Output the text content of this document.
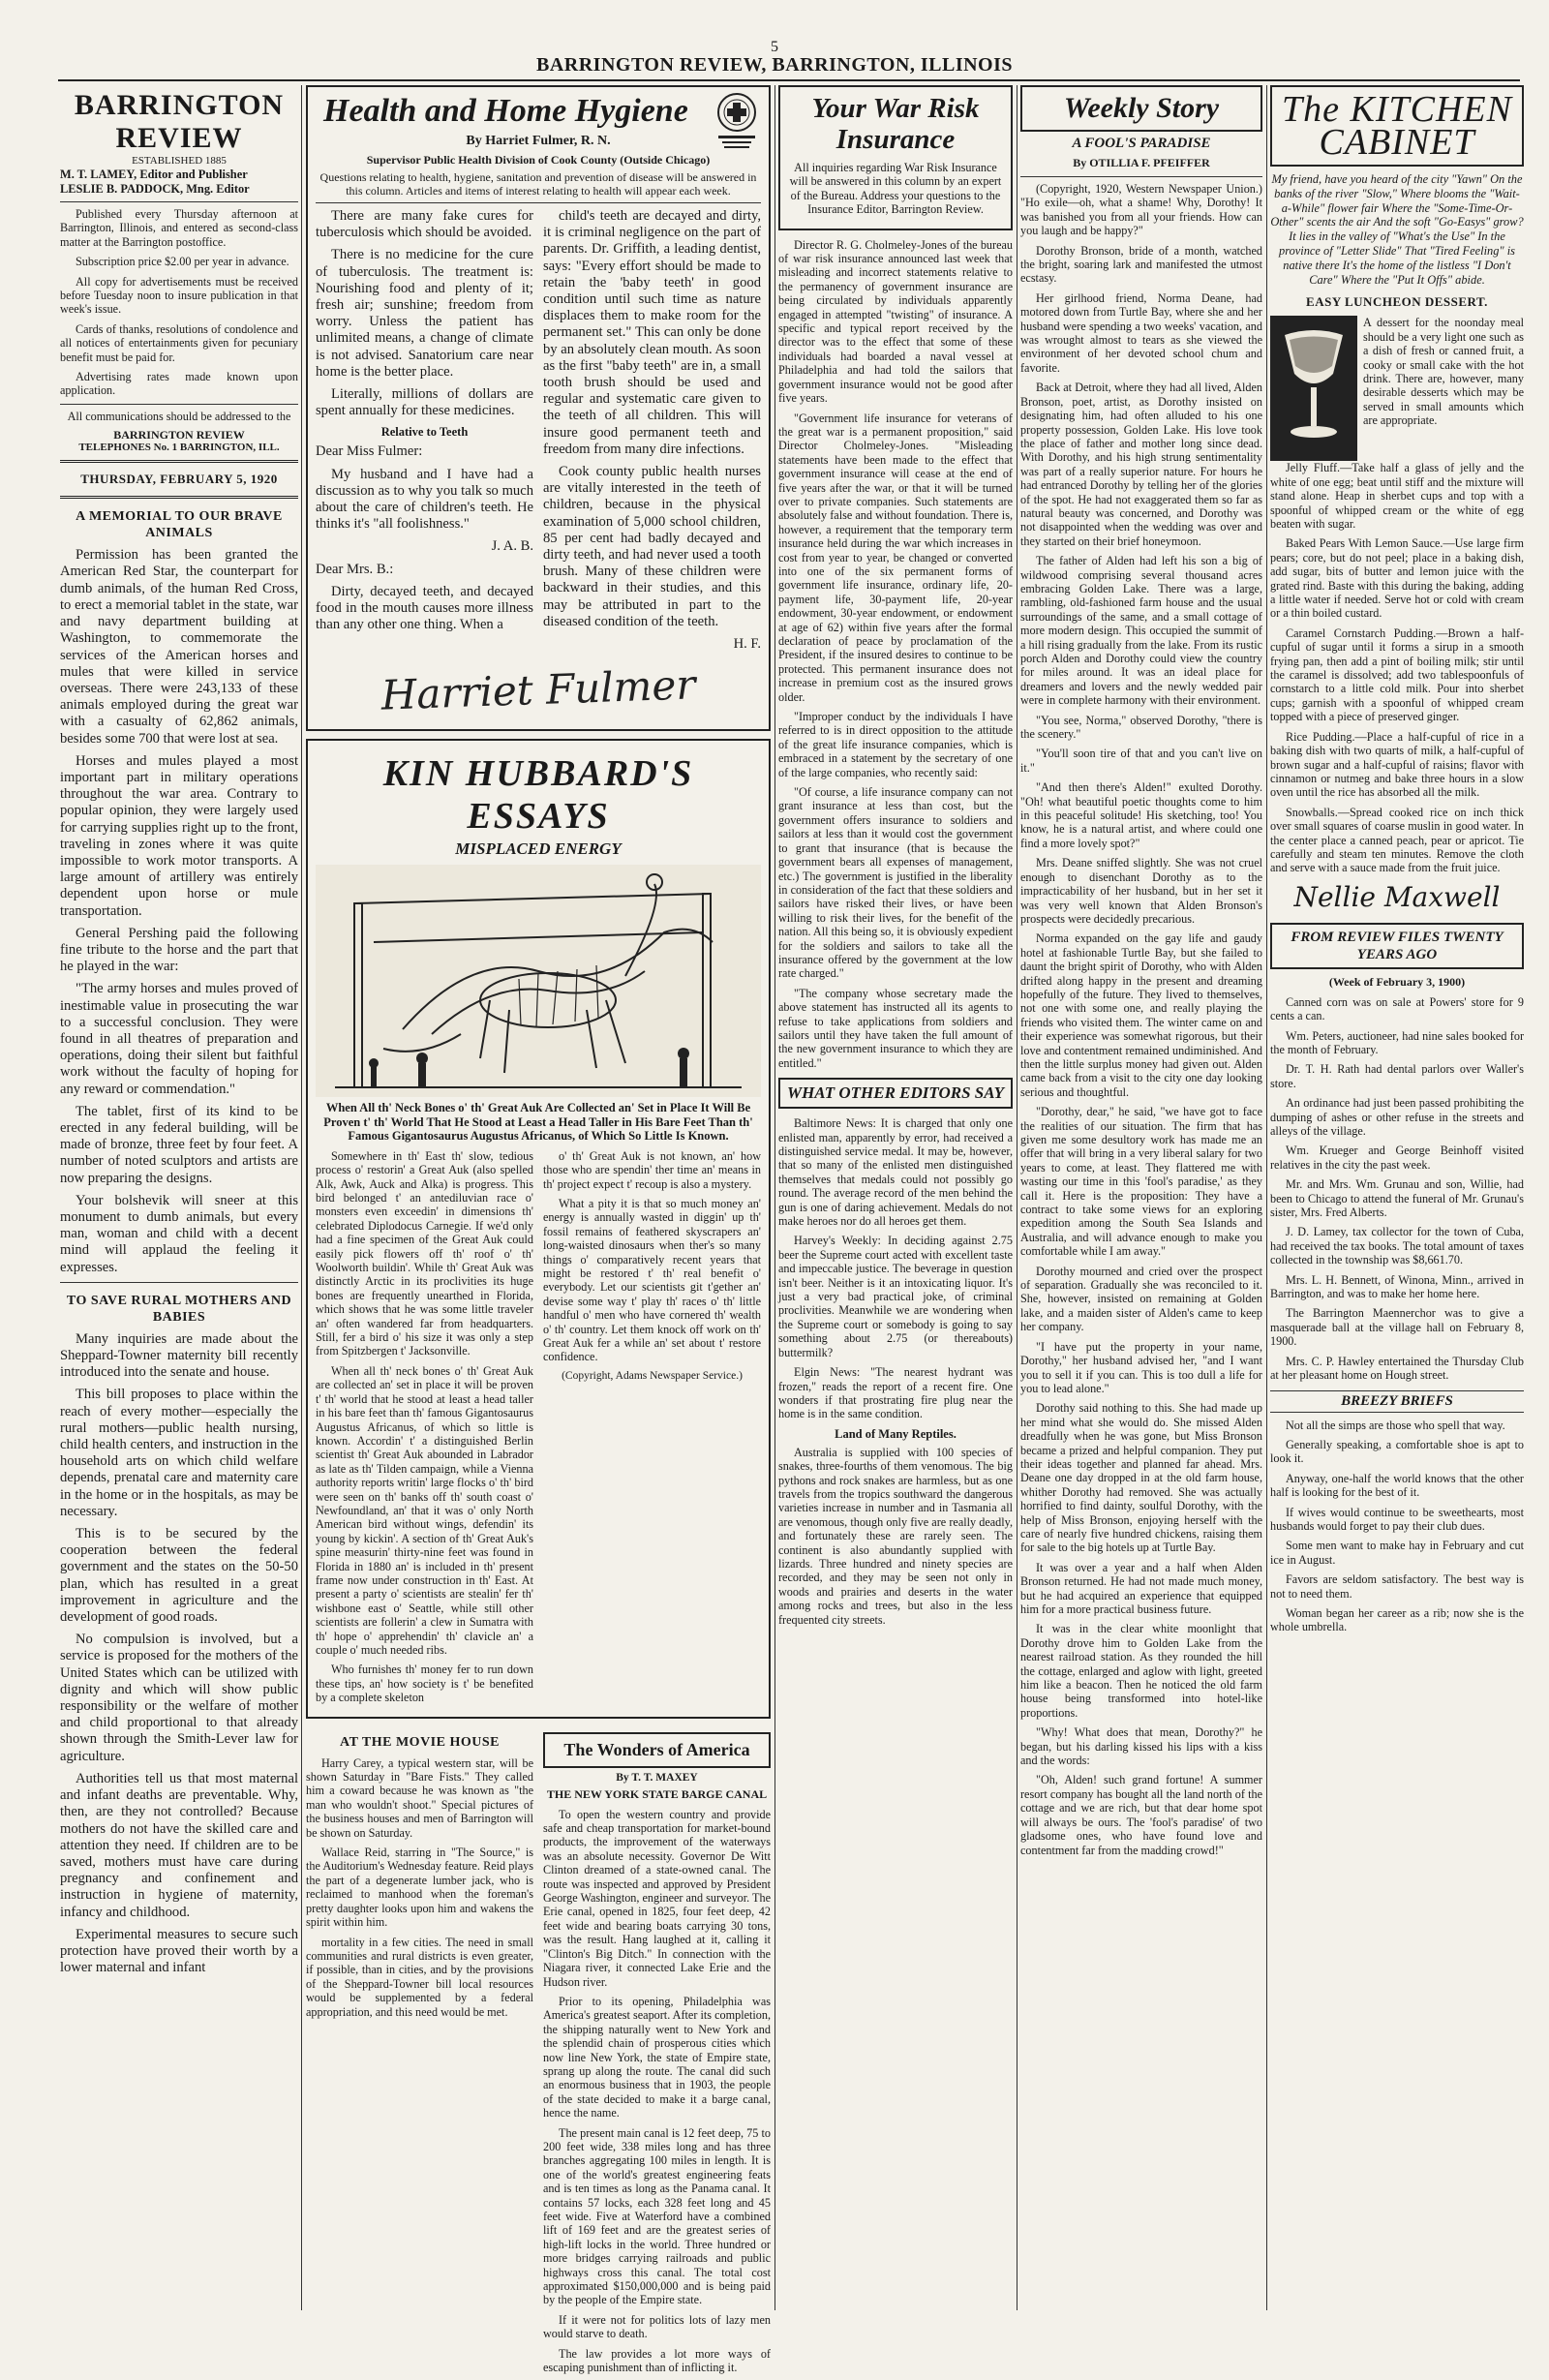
5
BARRINGTON REVIEW, BARRINGTON, ILLINOIS
BARRINGTON REVIEW
ESTABLISHED 1885
M. T. LAMEY, Editor and Publisher
LESLIE B. PADDOCK, Mng. Editor

Published every Thursday afternoon at Barrington, Illinois, and entered as second-class matter at the Barrington postoffice.

Subscription price $2.00 per year in advance.

All copy for advertisements must be received before Tuesday noon to insure publication in that week's issue.

Cards of thanks, resolutions of condolence and all notices of entertainments given for pecuniary benefit must be paid for.

Advertising rates made known upon application.

All communications should be addressed to the

BARRINGTON REVIEW
TELEPHONES No. 1 BARRINGTON, ILL.
THURSDAY, FEBRUARY 5, 1920
A MEMORIAL TO OUR BRAVE ANIMALS

Permission has been granted the American Red Star, the counterpart for dumb animals, of the human Red Cross, to erect a memorial tablet in the state, war and navy department building at Washington, to commemorate the services of the American horses and mules that were killed in service overseas. There were 243,133 of these animals employed during the great war with a casualty of 62,862 animals, besides some 700 that were lost at sea.

Horses and mules played a most important part in military operations throughout the war area. Contrary to popular opinion, they were largely used for carrying supplies right up to the front, traveling in zones where it was quite impossible to work motor transports. A large amount of artillery was entirely dependent upon horse or mule transportation.

General Pershing paid the following fine tribute to the horse and the part that he played in the war:

"The army horses and mules proved of inestimable value in prosecuting the war to a successful conclusion. They were found in all theatres of preparation and operations, doing their silent but faithful work without the faculty of hoping for any reward or commendation."

The tablet, first of its kind to be erected in any federal building, will be made of bronze, three feet by four feet. A number of noted sculptors and artists are now preparing the designs.

Your bolshevik will sneer at this monument to dumb animals, but every man, woman and child with a decent mind will applaud the feeling it expresses.

TO SAVE RURAL MOTHERS AND BABIES

Many inquiries are made about the Sheppard-Towner maternity bill recently introduced into the senate and house.

This bill proposes to place within the reach of every mother—especially the rural mothers—public health nursing, child health centers, and instruction in the household arts on which child welfare depends, prenatal care and maternity care in the home or in the hospitals, as may be necessary.

This is to be secured by the cooperation between the federal government and the states on the 50-50 plan, which has resulted in a great improvement in agriculture and the development of good roads.

No compulsion is involved, but a service is proposed for the mothers of the United States which can be utilized with dignity and which will show public responsibility or the welfare of mother and child proportional to that already shown through the Smith-Lever law for agriculture.

Authorities tell us that most maternal and infant deaths are preventable. Why, then, are they not controlled? Because mothers do not have the skilled care and attention they need. If children are to be saved, mothers must have care during pregnancy and confinement and instruction in hygiene of maternity, infancy and childhood.

Experimental measures to secure such protection have proved their worth by a lower maternal and infant

Health and Home Hygiene
By Harriet Fulmer, R. N.
Supervisor Public Health Division of Cook County (Outside Chicago)
Questions relating to health, hygiene, sanitation and prevention of disease will be answered in this column. Articles and items of interest relating to health will appear each week.

There are many fake cures for tuberculosis which should be avoided.

There is no medicine for the cure of tuberculosis. The treatment is: Nourishing food and plenty of it; fresh air; sunshine; freedom from worry. Unless the patient has unlimited means, a change of climate is not advised. Sanatorium care near home is the better place.

Literally, millions of dollars are spent annually for these medicines.

Relative to Teeth

Dear Miss Fulmer:

My husband and I have had a discussion as to why you talk so much about the care of children's teeth. He thinks it's "all foolishness."

J. A. B.

Dear Mrs. B.:

Dirty, decayed teeth, and decayed food in the mouth causes more illness than any other one thing. When a

child's teeth are decayed and dirty, it is criminal negligence on the part of parents. Dr. Griffith, a leading dentist, says: "Every effort should be made to retain the 'baby teeth' in good condition until such time as nature displaces them to make room for the permanent set." This can only be done by an absolutely clean mouth. As soon as the first "baby teeth" are in, a small tooth brush should be used and regular and systematic care given to the teeth of all children. This will insure good permanent teeth and freedom from many dire infections.

Cook county public health nurses are vitally interested in the teeth of children, because in the physical examination of 5,000 school children, 85 per cent had badly decayed and dirty teeth, and had never used a tooth brush. Many of these children were backward in their studies, and this may be attributed in part to the diseased condition of the teeth.

H. F.

Harriet Fulmer
KIN HUBBARD'S ESSAYS
MISPLACED ENERGY
When All th' Neck Bones o' th' Great Auk Are Collected an' Set in Place It Will Be Proven t' th' World That He Stood at Least a Head Taller in His Bare Feet Than th' Famous Gigantosaurus Augustus Africanus, of Which So Little Is Known.

Somewhere in th' East th' slow, tedious process o' restorin' a Great Auk (also spelled Alk, Awk, Auck and Alka) is progress. This bird belonged t' an antediluvian race o' monsters even exceedin' in dimensions th' celebrated Diplodocus Carnegie. If we'd only had a fine specimen of the Great Auk could easily pick flowers off th' roof o' th' Woolworth buildin'. While th' Great Auk was distinctly Arctic in its proclivities its huge bones are frequently unearthed in Florida, which shows that he was some little traveler an' often wandered far from headquarters. Still, fer a bird o' his size it was only a step from Spitzbergen t' Jacksonville.

When all th' neck bones o' th' Great Auk are collected an' set in place it will be proven t' th' world that he stood at least a head taller in his bare feet than th' famous Gigantosaurus Augustus Africanus, of which so little is known. Accordin' t' a distinguished Berlin scientist th' Great Auk abounded in Labrador as late as th' Tilden campaign, while a Vienna authority reports writin' large flocks o' th' bird were seen on th' banks off th' south coast o' Newfoundland, an' that it was o' only North American bird without wings, defendin' its young by kickin'. A section of th' Great Auk's spine measurin' thirty-nine feet was found in Florida in 1880 an' is included in th' present frame now under construction in th' East. At present a party o' scientists are stealin' fer th' wishbone east o' Seattle, while still other scientists are follerin' a clew in Sumatra with th' hope o' apprehendin' th' clavicle an' a couple o' much needed ribs.

Who furnishes th' money fer to run down these tips, an' how society is t' be benefited by a complete skeleton

o' th' Great Auk is not known, an' how those who are spendin' ther time an' means in th' project expect t' recoup is also a mystery.

What a pity it is that so much money an' energy is annually wasted in diggin' up th' fossil remains of feathered skyscrapers an' long-waisted dinosaurs when ther's so many things o' comparatively recent years that might be restored t' th' real benefit o' everybody. Let our scientists git t'gether an' devise some way t' play th' races o' th' little handful o' men who have cornered th' wealth o' th' country. Let them knock off work on th' Great Auk fer a while an' set about t' restore confidence.

(Copyright, Adams Newspaper Service.)
AT THE MOVIE HOUSE

Harry Carey, a typical western star, will be shown Saturday in "Bare Fists." They called him a coward because he was known as "the man who wouldn't shoot." Special pictures of the business houses and men of Barrington will be shown on Saturday.

Wallace Reid, starring in "The Source," is the Auditorium's Wednesday feature. Reid plays the part of a degenerate lumber jack, who is reclaimed to manhood when the foreman's pretty daughter looks upon him and wakens the spirit within him.

mortality in a few cities. The need in small communities and rural districts is even greater, if possible, than in cities, and by the provisions of the Sheppard-Towner bill local resources would be supplemented by a federal appropriation, and this need would be met.

The Wonders of America
By T. T. MAXEY
THE NEW YORK STATE BARGE CANAL

To open the western country and provide safe and cheap transportation for market-bound products, the improvement of the waterways was an absolute necessity. Governor De Witt Clinton dreamed of a state-owned canal. The route was inspected and approved by President George Washington, engineer and surveyor. The Erie canal, opened in 1825, four feet deep, 42 feet wide and bearing boats carrying 30 tons, was the result. Hang laughed at it, calling it "Clinton's Big Ditch." In connection with the Niagara river, it connected Lake Erie and the Hudson river.

Prior to its opening, Philadelphia was America's greatest seaport. After its completion, the shipping naturally went to New York and the splendid chain of prosperous cities which now line New York, the state of Empire state, sprang up along the route. The canal did such an enormous business that in 1903, the people of the state decided to make it a barge canal, hence the name.

The present main canal is 12 feet deep, 75 to 200 feet wide, 338 miles long and has three branches aggregating 100 miles in length. It is one of the world's greatest engineering feats and is ten times as long as the Panama canal. It contains 57 locks, each 328 feet long and 45 feet wide. Five at Waterford have a combined lift of 169 feet and are the greatest series of high-lift locks in the world. Three hundred or more bridges carrying railroads and public highways cross this canal. The total cost approximated $150,000,000 and is being paid by the people of the Empire state.

If it were not for politics lots of lazy men would starve to death.

The law provides a lot more ways of escaping punishment than of inflicting it.

Your War Risk Insurance

All inquiries regarding War Risk Insurance will be answered in this column by an expert of the Bureau. Address your questions to the Insurance Editor, Barrington Review.

Director R. G. Cholmeley-Jones of the bureau of war risk insurance announced last week that misleading and incorrect statements relative to the permanency of government insurance are being circulated by individuals apparently engaged in attempted "twisting" of insurance. A specific and typical report received by the director was to the effect that some of these individuals had boarded a naval vessel at Philadelphia and had told the sailors that government insurance would not be good after five years.

"Government life insurance for veterans of the great war is a permanent proposition," said Director Cholmeley-Jones. "Misleading statements have been made to the effect that government insurance will cease at the end of five years after the war, or that it will be turned over to private companies. Such statements are absolutely false and without foundation. There is, however, a requirement that the temporary term insurance held during the war which increases in cost from year to year, be changed or converted into one of the six permanent forms of government life insurance, ordinary life, 20-payment life, 30-payment life, 20-year endowment, 30-year endowment, or endowment at age of 62) within five years after the formal declaration of peace by proclamation of the President, if the insured desires to continue to be protected. This permanent insurance does not increase in premium cost as the insured grows older.

"Improper conduct by the individuals I have referred to is in direct opposition to the attitude of the great life insurance companies, which is embraced in a statement by the secretary of one of the large companies, who recently said:

"Of course, a life insurance company can not grant insurance at less than cost, but the government offers insurance to soldiers and sailors at less than it would cost the government to grant that insurance (that is because the government bears all expenses of management, etc.) The government is justified in the liberality in consideration of the fact that these soldiers and sailors have risked their lives, or have been willing to risk their lives, for the benefit of the nation. All this being so, it is obviously expedient for the soldiers and sailors to take all the insurance offered by the government at the low rate charged."

"The company whose secretary made the above statement has instructed all its agents to refuse to take applications from soldiers and sailors until they have taken the full amount of the new government insurance to which they are entitled."

WHAT OTHER EDITORS SAY

Baltimore News: It is charged that only one enlisted man, apparently by error, had received a distinguished service medal. It may be, however, that so many of the enlisted men distinguished themselves that medals could not possibly go round. The average record of the men behind the gun is one of daring achievement. Medals do not make heroes nor do all heroes get them.

Harvey's Weekly: In deciding against 2.75 beer the Supreme court acted with excellent taste and impeccable justice. The beverage in question isn't beer. Neither is it an intoxicating liquor. It's just a very bad practical joke, of criminal proclivities. Meanwhile we are wondering when the Supreme court or somebody is going to say something about 2.75 (or thereabouts) buttermilk?

Elgin News: "The nearest hydrant was frozen," reads the report of a recent fire. One wonders if that prostrating fire plug near the home is in the same condition.

Land of Many Reptiles.

Australia is supplied with 100 species of snakes, three-fourths of them venomous. The big pythons and rock snakes are harmless, but as one travels from the tropics southward the dangerous varieties increase in number and in Tasmania all are venomous, though only five are really deadly, and fortunately these are rarely seen. The continent is also abundantly supplied with lizards. Three hundred and ninety species are recorded, and they may be seen not only in woods and prairies and deserts in the water among rocks and trees, but also in the less frequented city streets.

Weekly Story
A FOOL'S PARADISE
By OTILLIA F. PFEIFFER

(Copyright, 1920, Western Newspaper Union.) "Ho exile—oh, what a shame! Why, Dorothy! It was banished you from all your friends. How can you laugh and be happy?"

Dorothy Bronson, bride of a month, watched the bright, soaring lark and manifested the utmost ecstasy.

Her girlhood friend, Norma Deane, had motored down from Turtle Bay, where she and her husband were spending a two weeks' vacation, and was wrought almost to tears as she viewed the environment of her devoted school chum and favorite.

Back at Detroit, where they had all lived, Alden Bronson, poet, artist, as Dorothy insisted on designating him, had often alluded to his one property possession, Golden Lake. His love took the place of father and mother long since dead. With Dorothy, and his high strung sentimentality was part of a really superior nature. For hours he had entranced Dorothy by telling her of the glories of the spot. He had not exaggerated them so far as natural beauty was concerned, and Dorothy was not disappointed when the wedding was over and they started on their brief honeymoon.

The father of Alden had left his son a big of wildwood comprising several thousand acres embracing Golden Lake. There was a large, rambling, old-fashioned farm house and the usual surroundings of the same, and a small cottage of more modern design. This occupied the summit of a hill rising gradually from the lake. From its rustic porch Alden and Dorothy could view the country for miles around. It was an ideal place for dreamers and lovers and the newly wedded pair were in complete harmony with their environment.

"You see, Norma," observed Dorothy, "there is the scenery."

"You'll soon tire of that and you can't live on it."

"And then there's Alden!" exulted Dorothy. "Oh! what beautiful poetic thoughts come to him in this peaceful solitude! His sketching, too! You know, he is a natural artist, and where could one find a more lovely spot?"

Mrs. Deane sniffed slightly. She was not cruel enough to disenchant Dorothy as to the impracticability of her husband, but in her set it was very well known that Alden Bronson's prospects were decidedly precarious.

Norma expanded on the gay life and gaudy hotel at fashionable Turtle Bay, but she failed to daunt the bright spirit of Dorothy, who with Alden drifted along happy in the present and dreaming hopefully of the future. They lived to themselves, not one with some one, and really playing the friends who visited them. The winter came on and their experience was somewhat rigorous, but their love and contentment remained undiminished. And then the little surplus money had given out. Alden came back from a visit to the city one day looking serious and thoughtful.

"Dorothy, dear," he said, "we have got to face the realities of our situation. The firm that has given me some desultory work has made me an offer that will bring in a very liberal salary for two years to come, at least. They flattered me with wasting our time in this 'fool's paradise,' as they call it. Here is the proposition: They have a contract to take some views for an exploring expedition among the South Sea Islands and Australia, and will advance enough to make you comfortable while I am away."

Dorothy mourned and cried over the prospect of separation. Gradually she was reconciled to it. She, however, insisted on remaining at Golden lake, and a maiden sister of Alden's came to keep her company.

"I have put the property in your name, Dorothy," her husband advised her, "and I want you to sell it if you can. This is too dull a life for you to lead alone."

Dorothy said nothing to this. She had made up her mind what she would do. She missed Alden dreadfully when he was gone, but Miss Bronson became a prized and helpful companion. They put their ideas together and planned far ahead. Mrs. Deane one day dropped in at the old farm house, whither Dorothy had removed. She was actually horrified to find dainty, soulful Dorothy, with the help of Miss Bronson, enjoying herself with the care of nearly five hundred chickens, raising them for sale to the big hotels up at Turtle Bay.

It was over a year and a half when Alden Bronson returned. He had not made much money, but he had acquired an experience that equipped him for a more practical business future.

It was in the clear white moonlight that Dorothy drove him to Golden Lake from the nearest railroad station. As they rounded the hill the cottage, enlarged and aglow with light, greeted him like a beacon. Then he noticed the old farm house being transformed into hotel-like proportions.

"Why! What does that mean, Dorothy?" he began, but his darling kissed his lips with a kiss and the words:

"Oh, Alden! such grand fortune! A summer resort company has bought all the land north of the cottage and we are rich, but that dear home spot will always be ours. The 'fool's paradise' of two gladsome ones, who have found love and contentment far from the madding crowd!"

The KITCHEN CABINET
My friend, have you heard of the city "Yawn" On the banks of the river "Slow," Where blooms the "Wait-a-While" flower fair Where the "Some-Time-Or-Other" scents the air And the soft "Go-Easys" grow? It lies in the valley of "What's the Use" In the province of "Letter Slide" That "Tired Feeling" is native there It's the home of the listless "I Don't Care" Where the "Put It Offs" abide.
EASY LUNCHEON DESSERT.

A dessert for the noonday meal should be a very light one such as a dish of fresh or canned fruit, a cooky or small cake with the hot drink. There are, however, many desirable desserts which may be served in small amounts which are appropriate.

Jelly Fluff.—Take half a glass of jelly and the white of one egg; beat until stiff and the mixture will stand alone. Heap in sherbet cups and top with a spoonful of whipped cream or the white of egg beaten with sugar.

Baked Pears With Lemon Sauce.—Use large firm pears; core, but do not peel; place in a baking dish, add sugar, bits of butter and lemon juice with the grated rind. Baste with this during the baking, adding a little water if needed. Serve hot or cold with cream or a thin boiled custard.

Caramel Cornstarch Pudding.—Brown a half-cupful of sugar until it forms a sirup in a smooth frying pan, then add a pint of boiling milk; stir until the caramel is dissolved; add two tablespoonfuls of cornstarch to a little cold milk. Pour into sherbet cups; garnish with a spoonful of whipped cream topped with a piece of preserved ginger.

Rice Pudding.—Place a half-cupful of rice in a baking dish with two quarts of milk, a half-cupful of brown sugar and a half-cupful of raisins; flavor with cinnamon or nutmeg and bake three hours in a slow oven until the rice has absorbed all the milk.

Snowballs.—Spread cooked rice on inch thick over small squares of coarse muslin in good water. In the center place a canned peach, pear or apricot. Tie carefully and steam ten minutes. Remove the cloth and serve with a sauce made from the fruit juice.

Nellie Maxwell
FROM REVIEW FILES TWENTY YEARS AGO
(Week of February 3, 1900)

Canned corn was on sale at Powers' store for 9 cents a can.

Wm. Peters, auctioneer, had nine sales booked for the month of February.

Dr. T. H. Rath had dental parlors over Waller's store.

An ordinance had just been passed prohibiting the dumping of ashes or other refuse in the streets and alleys of the village.

Wm. Krueger and George Beinhoff visited relatives in the city the past week.

Mr. and Mrs. Wm. Grunau and son, Willie, had been to Chicago to attend the funeral of Mr. Grunau's sister, Mrs. Fred Alberts.

J. D. Lamey, tax collector for the town of Cuba, had received the tax books. The total amount of taxes collected in the township was $8,661.70.

Mrs. L. H. Bennett, of Winona, Minn., arrived in Barrington, and was to make her home here.

The Barrington Maennerchor was to give a masquerade ball at the village hall on February 8, 1900.

Mrs. C. P. Hawley entertained the Thursday Club at her pleasant home on Hough street.

BREEZY BRIEFS

Not all the simps are those who spell that way.

Generally speaking, a comfortable shoe is apt to look it.

Anyway, one-half the world knows that the other half is looking for the best of it.

If wives would continue to be sweethearts, most husbands would forget to pay their club dues.

Some men want to make hay in February and cut ice in August.

Favors are seldom satisfactory. The best way is not to need them.

Woman began her career as a rib; now she is the whole umbrella.
